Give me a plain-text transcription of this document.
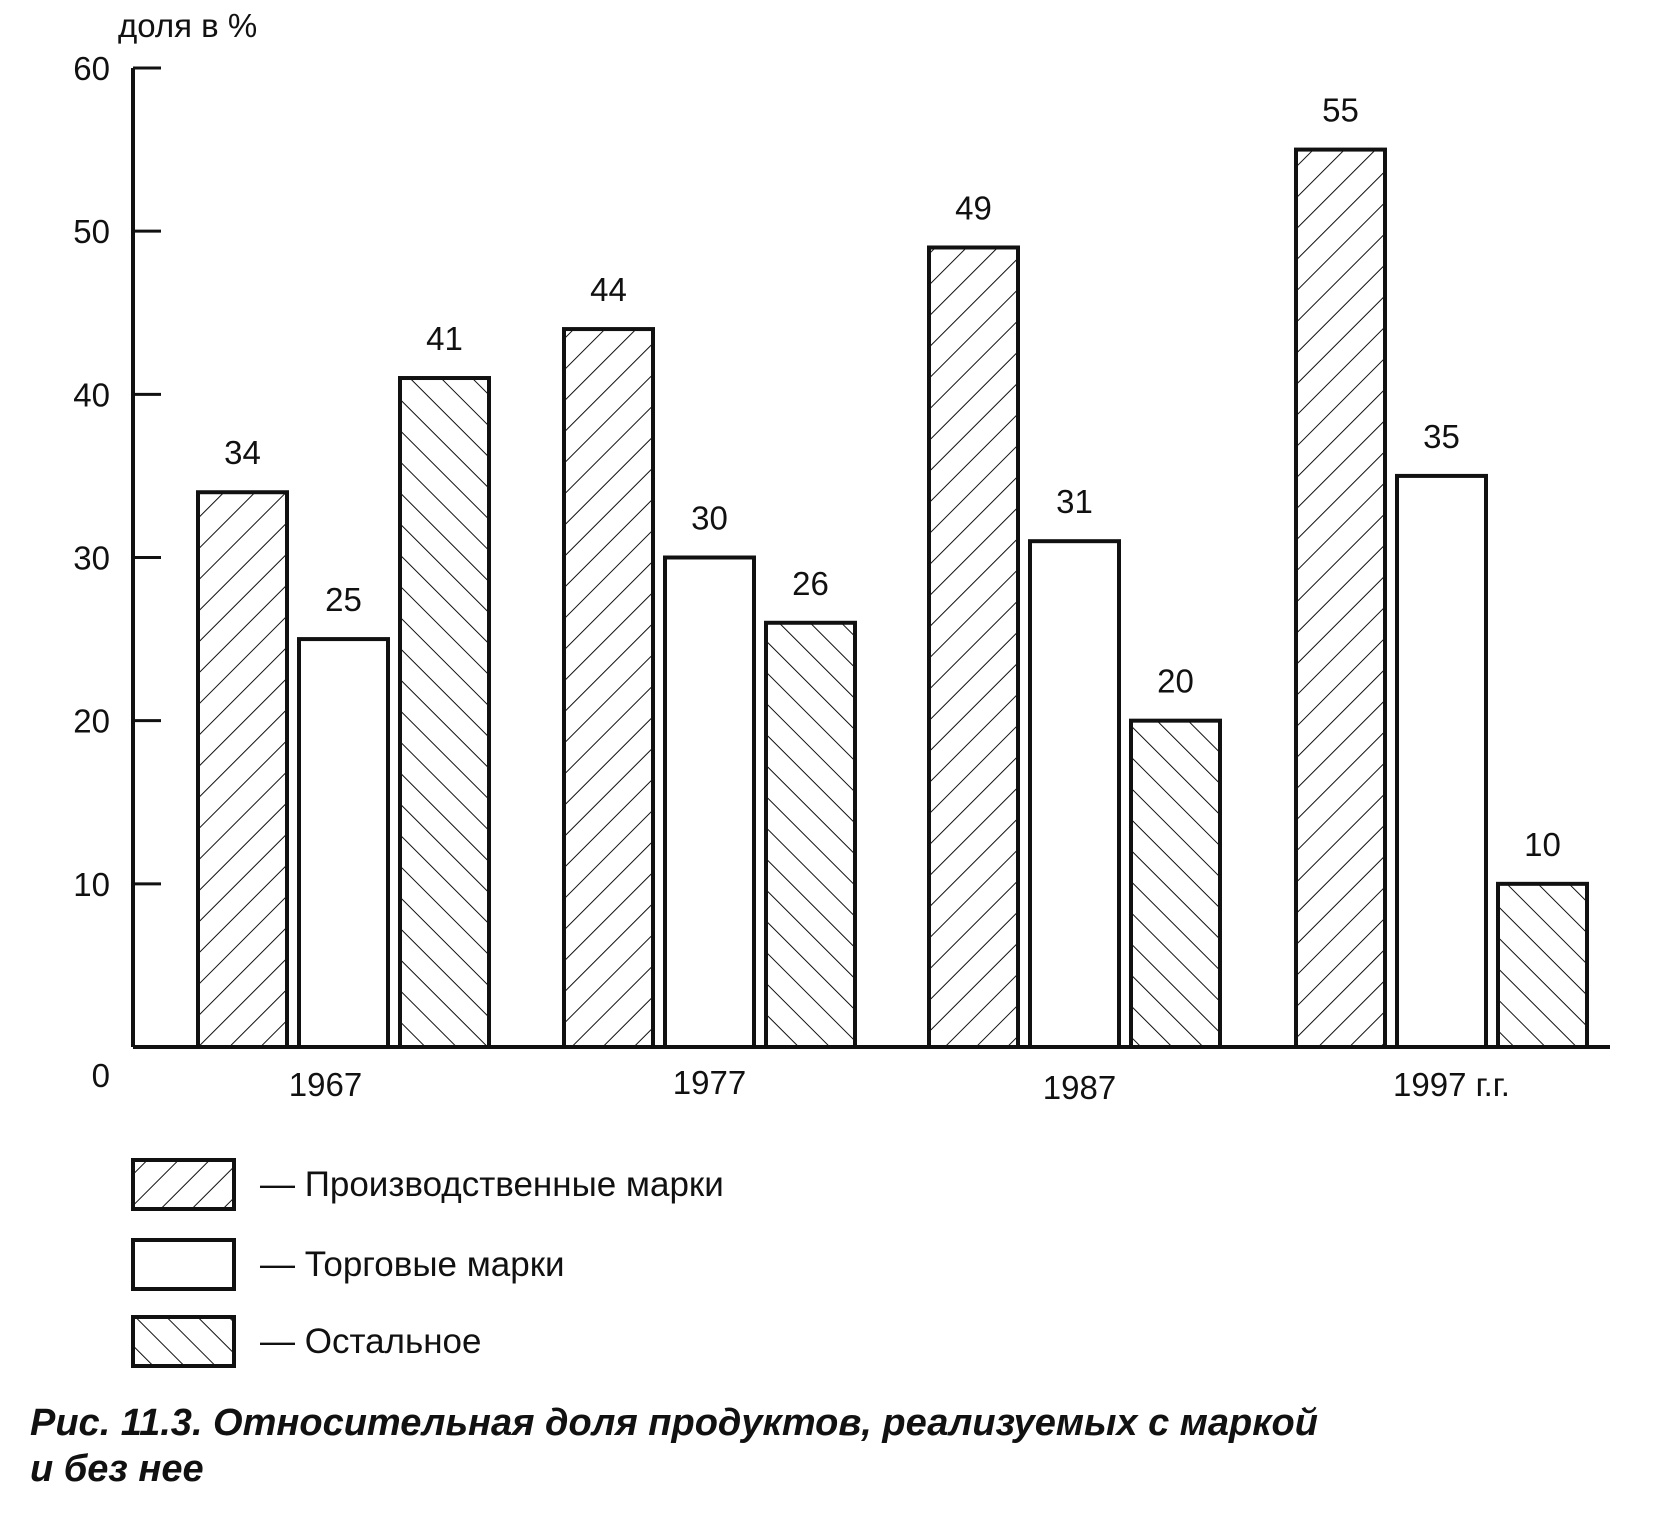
доля в %
0
10
20
30
40
50
60
34
25
41
44
30
26
49
31
20
55
35
10
1967	1977	1987	1997 г.г.
— Производственные марки
— Торговые марки
— Остальное
Рис. 11.3. Относительная доля продуктов, реализуемых с маркой
и без нее
